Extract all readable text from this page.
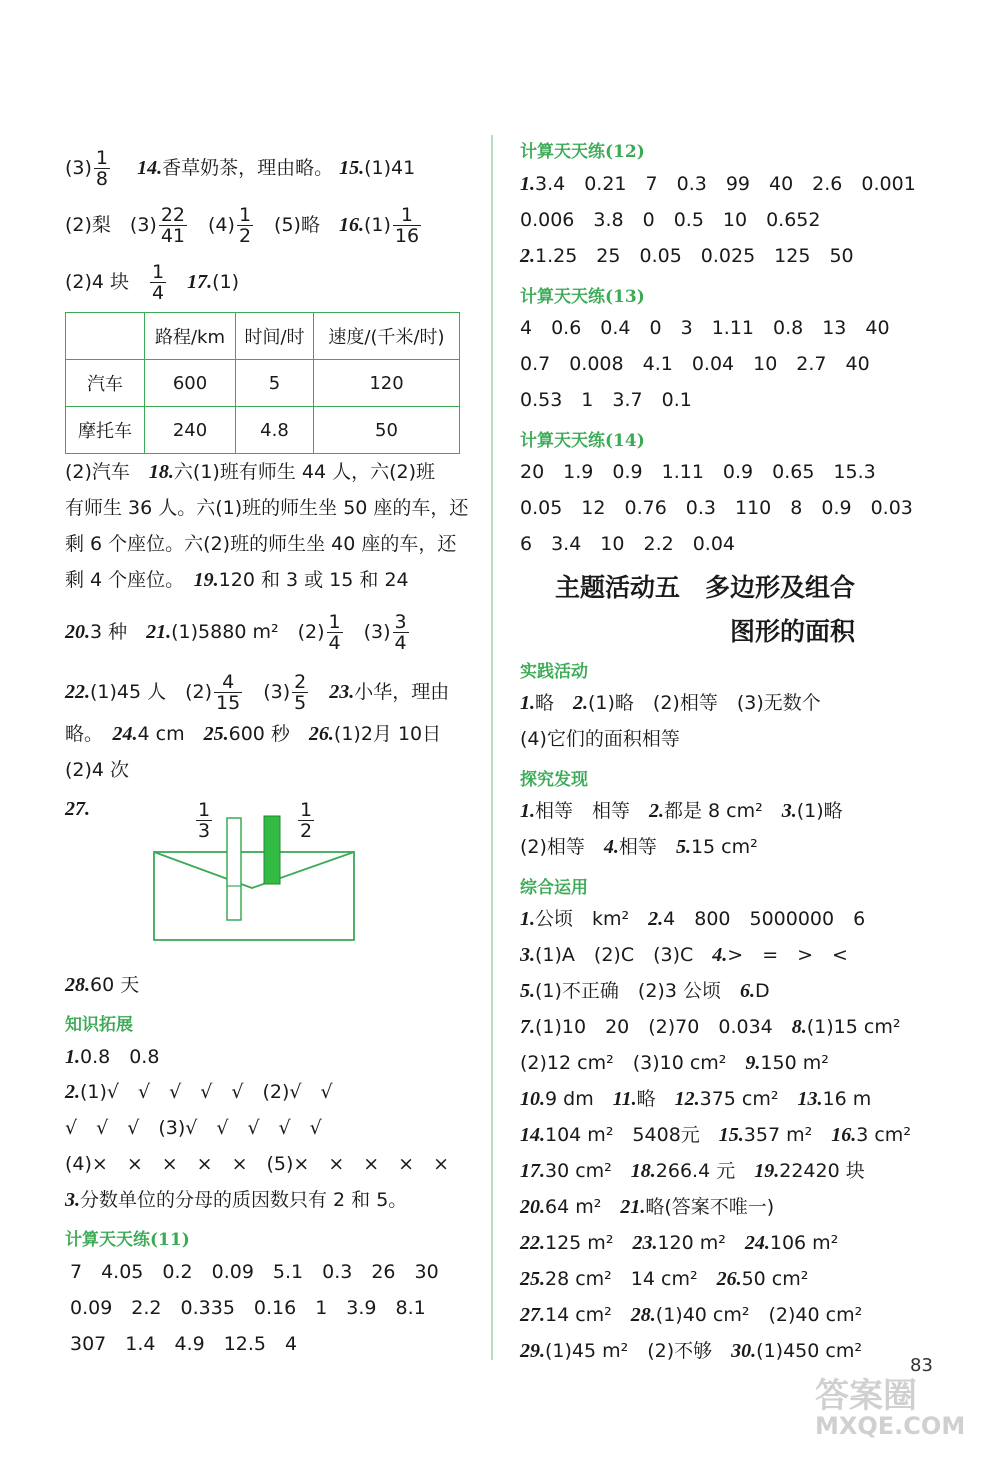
$(3) \frac{1}{8}$
　 14.香草奶茶，理由略。 15.(1)41
(2)梨　$(3) \frac{22}{41}$ 　$(4) \frac{1}{2}$ 　(5)略　$16.(1) \frac{1}{16}$
(2)4 块　 $\frac{1}{4}$
　 17.(1)
	路程/km	时间/时	速度/(千米/时)
汽车	600	5	120
摩托车	240	4.8	50
(2)汽车　18.六(1)班有师生 44 人，六(2)班
有师生 36 人。六(1)班的师生坐 50 座的车，还
剩 6 个座位。六(2)班的师生坐 40 座的车，还
剩 4 个座位。　19.120 和 3 或 15 和 24
20.3 种　21.(1)5880 m²　$(2) \frac{1}{4}$ 　$(3) \frac{3}{4}$
22.(1)45 人　$(2) \frac{4}{15}$ 　$(3) \frac{2}{5}$
　 23.小华，理由
略。　24.4 cm　25.600 秒　26.(1)2月 10日
(2)4 次
27.	$\frac{1}{3}$	$\frac{1}{2}$
28.60 天
知识拓展
1.0.8　0.8
2.(1)√　√　√　√　√　(2)√　√
√　√　√　(3)√　√　√　√　√
(4)×　×　×　×　×　(5)×　×　×　×　×
3.分数单位的分母的质因数只有 2 和 5。
计算天天练(11)
7　4.05　0.2　0.09　5.1　0.3　26　30
0.09　2.2　0.335　0.16　1　3.9　8.1
307　1.4　4.9　12.5　4
计算天天练(12)
1.3.4　0.21　7　0.3　99　40　2.6　0.001
0.006　3.8　0　0.5　10　0.652
2.1.25　25　0.05　0.025　125　50
计算天天练(13)
4　0.6　0.4　0　3　1.11　0.8　13　40
0.7　0.008　4.1　0.04　10　2.7　40
0.53　1　3.7　0.1
计算天天练(14)
20　1.9　0.9　1.11　0.9　0.65　15.3
0.05　12　0.76　0.3　110　8　0.9　0.03
6　3.4　10　2.2　0.04
主题活动五　多边形及组合
图形的面积
实践活动
1.略　2.(1)略　(2)相等　(3)无数个
(4)它们的面积相等
探究发现
1.相等　相等　2.都是 8 cm²　3.(1)略
(2)相等　4.相等　5.15 cm²
综合运用
1.公顷　km²　2.4　800　5000000　6
3.(1)A　(2)C　(3)C　4.>　=　>　<
5.(1)不正确　(2)3 公顷　6.D
7.(1)10　20　(2)70　0.034　8.(1)15 cm²
(2)12 cm²　(3)10 cm²　9.150 m²
10.9 dm　11.略　12.375 cm²　13.16 m
14.104 m²　5408元　15.357 m²　16.3 cm²
17.30 cm²　18.266.4 元　19.22420 块
20.64 m²　21.略(答案不唯一)
22.125 m²　23.120 m²　24.106 m²
25.28 cm²　14 cm²　26.50 cm²
27.14 cm²　28.(1)40 cm²　(2)40 cm²
29.(1)45 m²　(2)不够　30.(1)450 cm²
83
答案圈
MXQE.COM
